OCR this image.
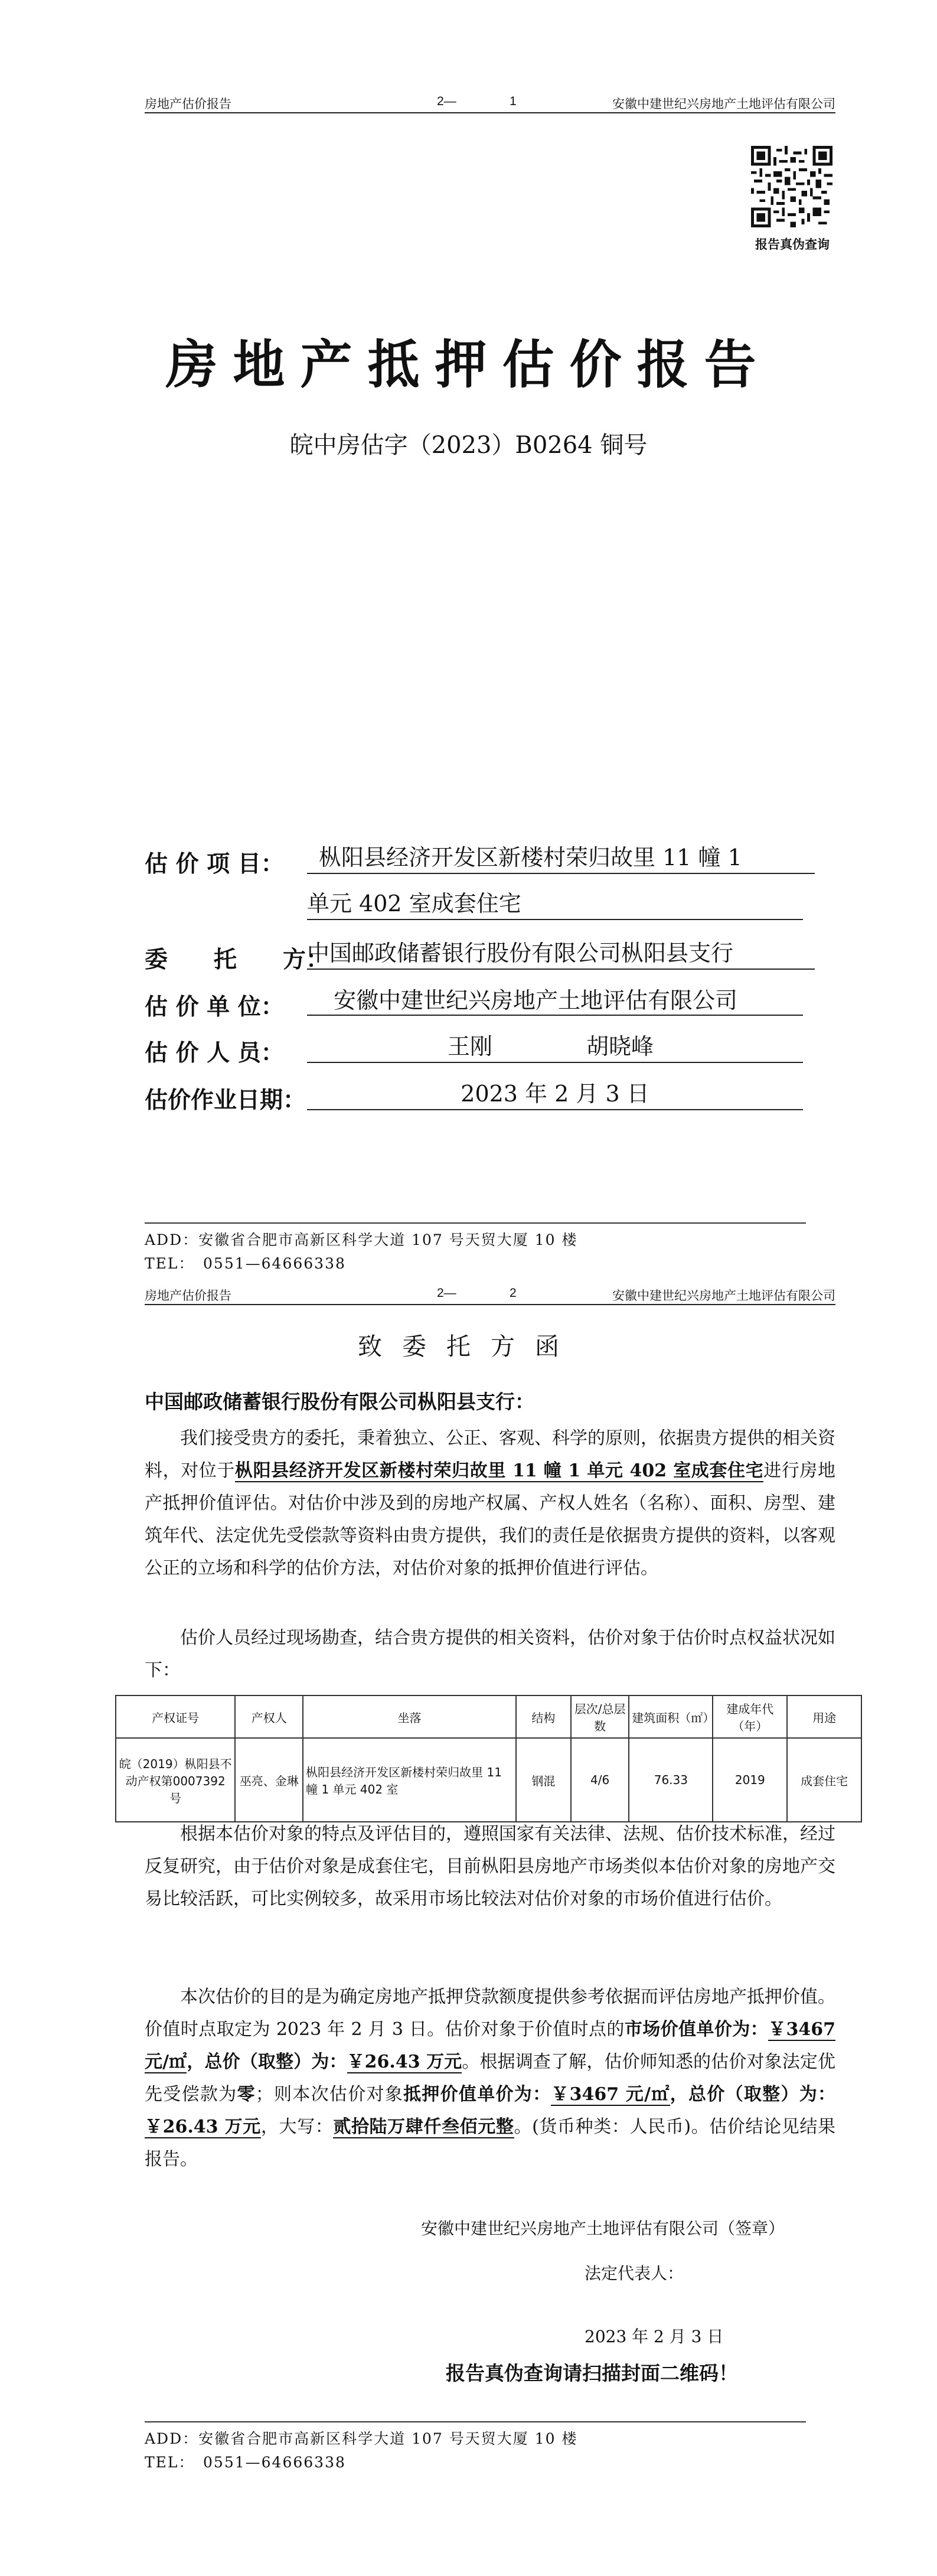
房地产估价报告	2—	1	安徽中建世纪兴房地产土地评估有限公司
报告真伪查询
房地产抵押估价报告
皖中房估字（2023）B0264 铜号
估 价 项 目：	枞阳县经济开发区新楼村荣归故里 11 幢 1
单元 402 室成套住宅
委　　托　　方：
中国邮政储蓄银行股份有限公司枞阳县支行
估 价 单 位：	安徽中建世纪兴房地产土地评估有限公司
估 价 人 员：	王刚	胡晓峰
估价作业日期：	2023 年 2 月 3 日
ADD：安徽省合肥市高新区科学大道 107 号天贸大厦 10 楼
TEL：　0551—64666338
房地产估价报告	2—	2	安徽中建世纪兴房地产土地评估有限公司
致委托方函
中国邮政储蓄银行股份有限公司枞阳县支行：
我们接受贵方的委托，秉着独立、公正、客观、科学的原则，依据贵方提供的相关资料，对位于枞阳县经济开发区新楼村荣归故里 11 幢 1 单元 402 室成套住宅进行房地产抵押价值评估。对估价中涉及到的房地产权属、产权人姓名（名称）、面积、房型、建筑年代、法定优先受偿款等资料由贵方提供，我们的责任是依据贵方提供的资料，以客观公正的立场和科学的估价方法，对估价对象的抵押价值进行评估。
估价人员经过现场勘查，结合贵方提供的相关资料，估价对象于估价时点权益状况如下：
产权证号	产权人	坐落	结构	层次/总层数	建筑面积（㎡）	建成年代（年）	用途
皖（2019）枞阳县不动产权第0007392 号	巫亮、金琳	枞阳县经济开发区新楼村荣归故里 11 幢 1 单元 402 室	钢混	4/6	76.33	2019	成套住宅
根据本估价对象的特点及评估目的，遵照国家有关法律、法规、估价技术标准，经过反复研究，由于估价对象是成套住宅，目前枞阳县房地产市场类似本估价对象的房地产交易比较活跃，可比实例较多，故采用市场比较法对估价对象的市场价值进行估价。
本次估价的目的是为确定房地产抵押贷款额度提供参考依据而评估房地产抵押价值。价值时点取定为 2023 年 2 月 3 日。估价对象于价值时点的市场价值单价为：￥3467 元/㎡，总价（取整）为：￥26.43 万元。根据调查了解，估价师知悉的估价对象法定优先受偿款为零；则本次估价对象抵押价值单价为：￥3467 元/㎡，总价（取整）为：￥26.43 万元，大写：贰拾陆万肆仟叁佰元整。(货币种类：人民币)。估价结论见结果报告。
安徽中建世纪兴房地产土地评估有限公司（签章）
法定代表人：
2023 年 2 月 3 日
报告真伪查询请扫描封面二维码！
ADD：安徽省合肥市高新区科学大道 107 号天贸大厦 10 楼
TEL：　0551—64666338
